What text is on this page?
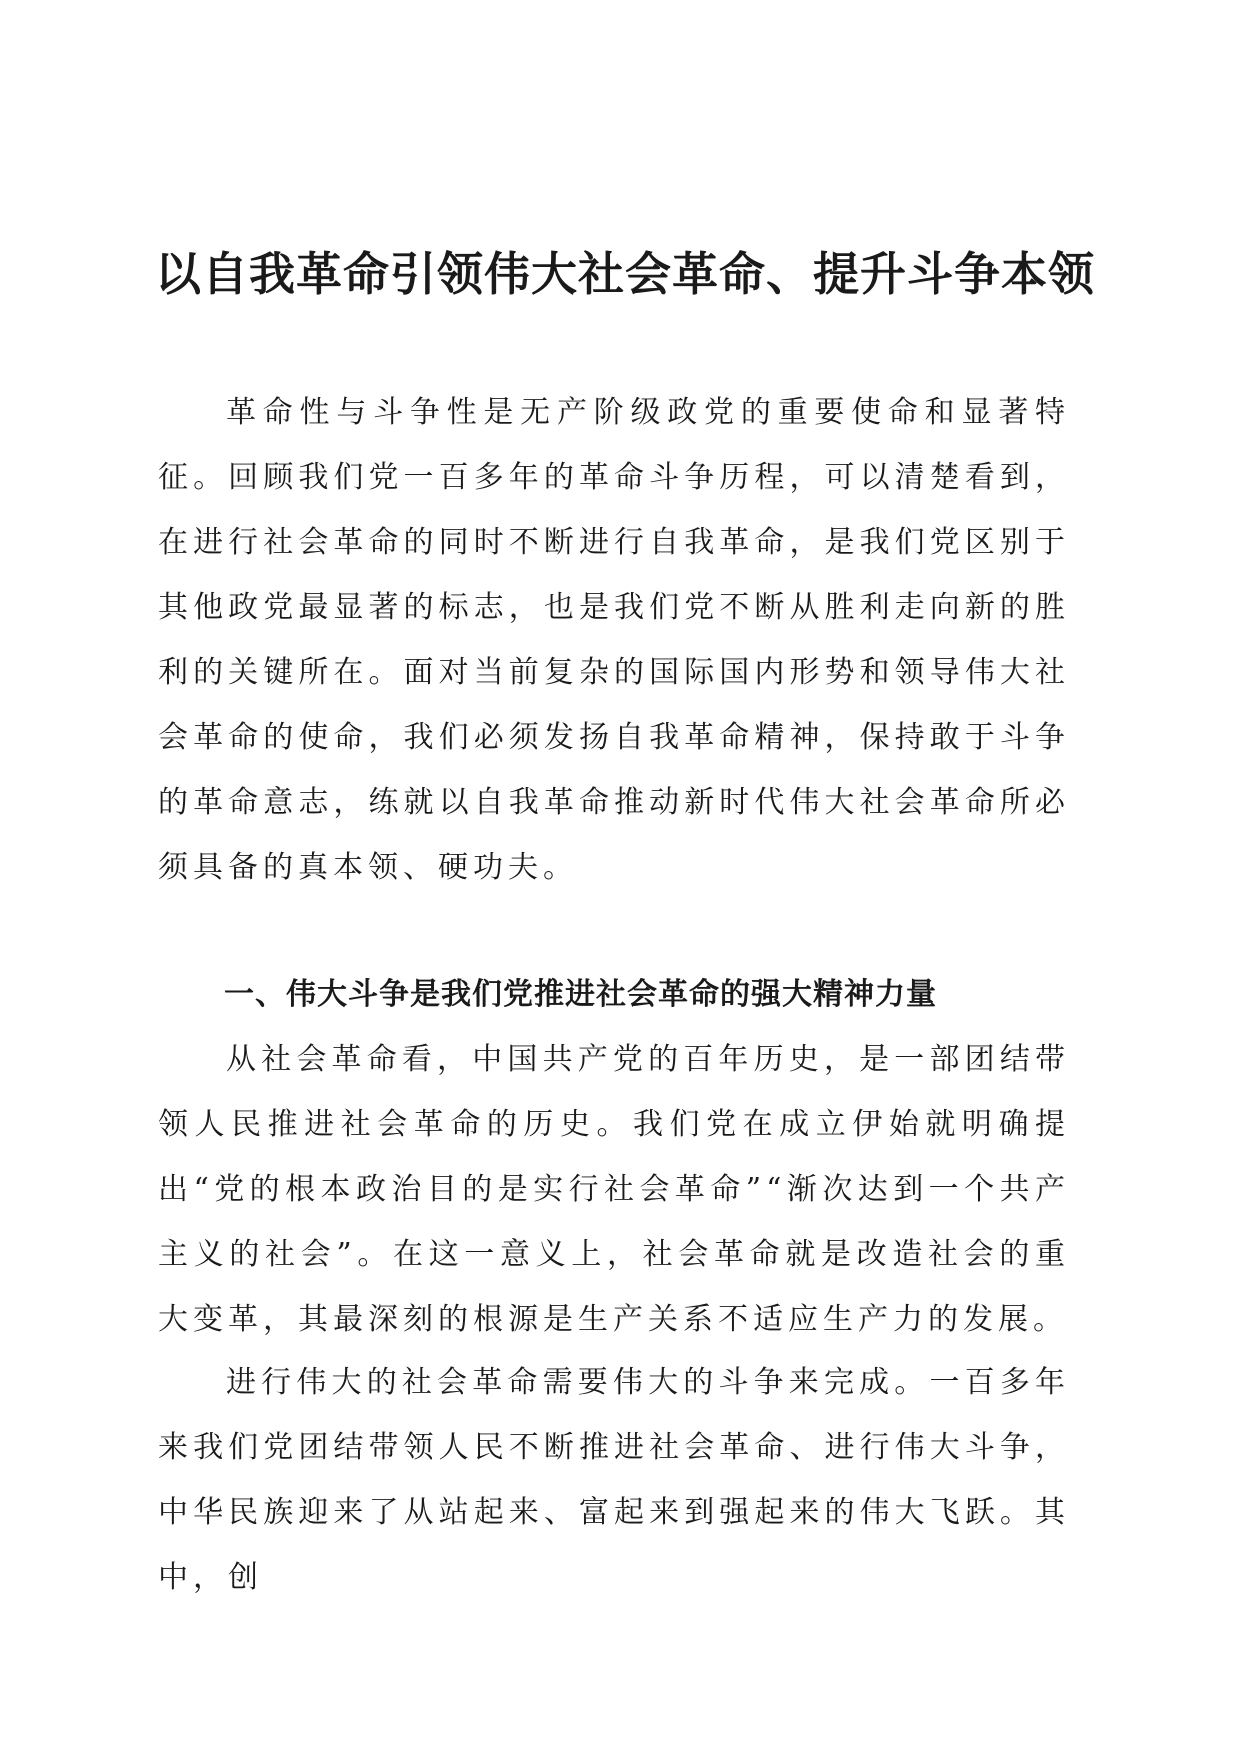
以自我革命引领伟大社会革命、提升斗争本领

革命性与斗争性是无产阶级政党的重要使命和显著特征。回顾我们党一百多年的革命斗争历程，可以清楚看到，在进行社会革命的同时不断进行自我革命，是我们党区别于其他政党最显著的标志，也是我们党不断从胜利走向新的胜利的关键所在。面对当前复杂的国际国内形势和领导伟大社会革命的使命，我们必须发扬自我革命精神，保持敢于斗争的革命意志，练就以自我革命推动新时代伟大社会革命所必须具备的真本领、硬功夫。

一、伟大斗争是我们党推进社会革命的强大精神力量

从社会革命看，中国共产党的百年历史，是一部团结带领人民推进社会革命的历史。我们党在成立伊始就明确提出“党的根本政治目的是实行社会革命”“渐次达到一个共产主义的社会”。在这一意义上，社会革命就是改造社会的重大变革，其最深刻的根源是生产关系不适应生产力的发展。

进行伟大的社会革命需要伟大的斗争来完成。一百多年来我们党团结带领人民不断推进社会革命、进行伟大斗争，中华民族迎来了从站起来、富起来到强起来的伟大飞跃。其中，创
